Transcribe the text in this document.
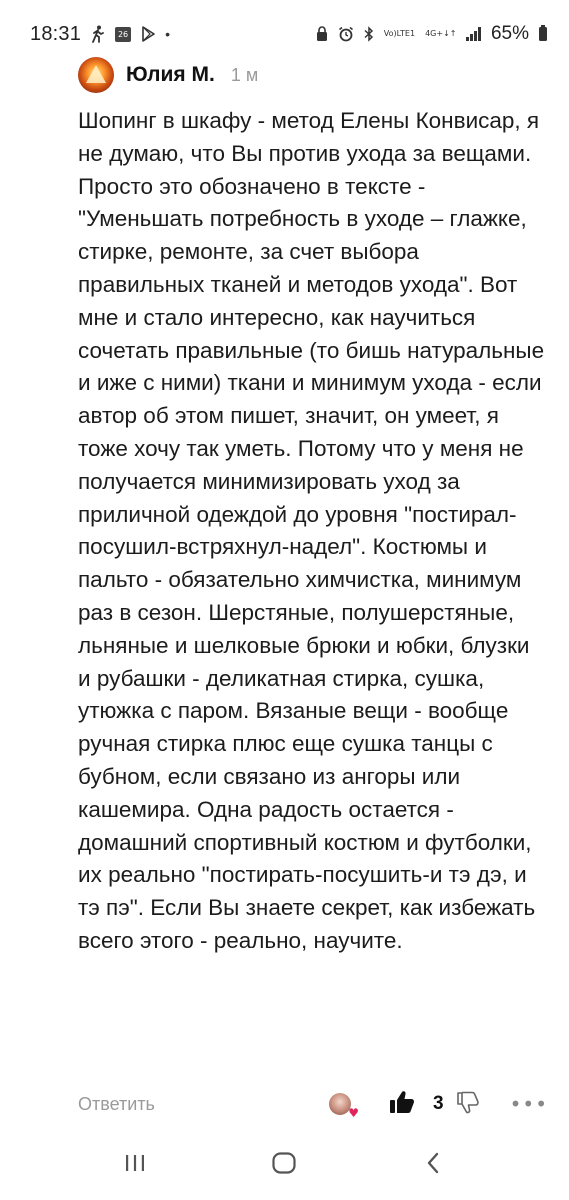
18:31	26	•	Vo) LTE1 4G+ ↓↑ 65%
Юлия М. 1 м

Шопинг в шкафу - метод Елены Конвисар, я не думаю, что Вы против ухода за вещами. Просто это обозначено в тексте - "Уменьшать потребность в уходе – глажке, стирке, ремонте, за счет выбора правильных тканей и методов ухода". Вот мне и стало интересно, как научиться сочетать правильные (то бишь натуральные и иже с ними) ткани и минимум ухода - если автор об этом пишет, значит, он умеет, я тоже хочу так уметь. Потому что у меня не получается минимизировать уход за приличной одеждой до уровня "постирал-посушил-встряхнул-надел". Костюмы и пальто - обязательно химчистка, минимум раз в сезон. Шерстяные, полушерстяные, льняные и шелковые брюки и юбки, блузки и рубашки - деликатная стирка, сушка, утюжка с паром. Вязаные вещи - вообще ручная стирка плюс еще сушка танцы с бубном, если связано из ангоры или кашемира. Одна радость остается - домашний спортивный костюм и футболки, их реально "постирать-посушить-и тэ дэ, и тэ пэ". Если Вы знаете секрет, как избежать всего этого - реально, научите.

Ответить	♥	3	•••
